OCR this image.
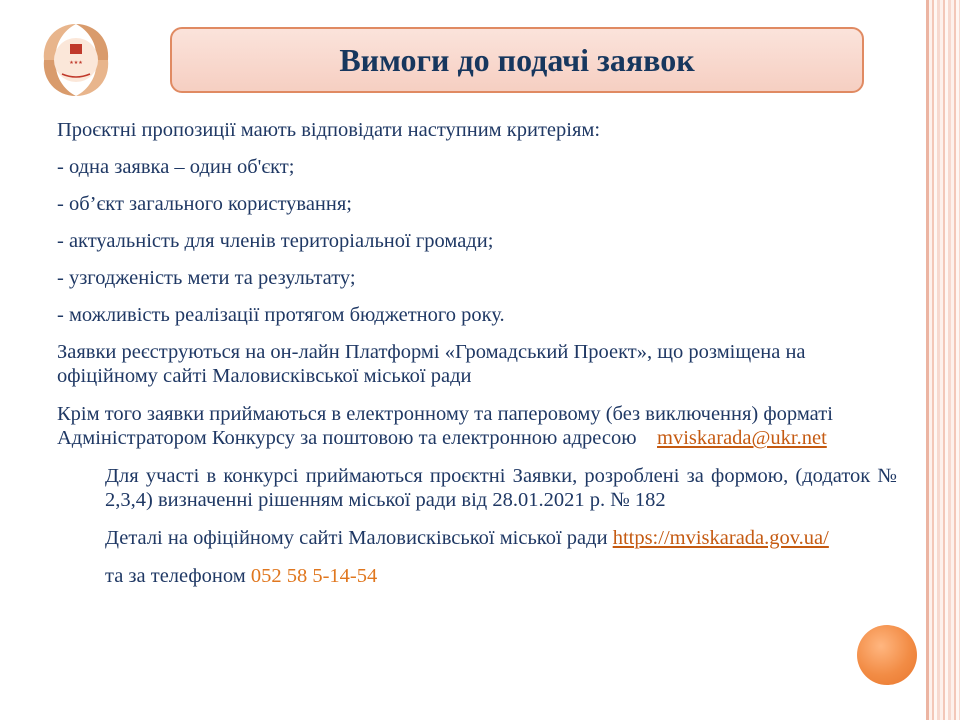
★★★	Вимоги до подачі заявок

Проєктні пропозиції мають відповідати наступним критеріям:

- одна заявка – один об'єкт;

- об’єкт загального користування;

- актуальність для членів територіальної громади;

- узгодженість мети та результату;

- можливість реалізації протягом бюджетного року.

Заявки реєструються на он-лайн Платформі «Громадський Проект», що розміщена на офіційному сайті Маловисківської міської ради

Крім того заявки приймаються в електронному та паперовому (без виключення) форматі Адміністратором Конкурсу за поштовою та електронною адресою mviskarada@ukr.net

Для участі в конкурсі приймаються проєктні Заявки, розроблені за формою, (додаток № 2,3,4) визначенні рішенням міської ради від 28.01.2021 р. № 182

Деталі на офіційному сайті Маловисківської міської ради https://mviskarada.gov.ua/

та за телефоном 052 58 5-14-54
